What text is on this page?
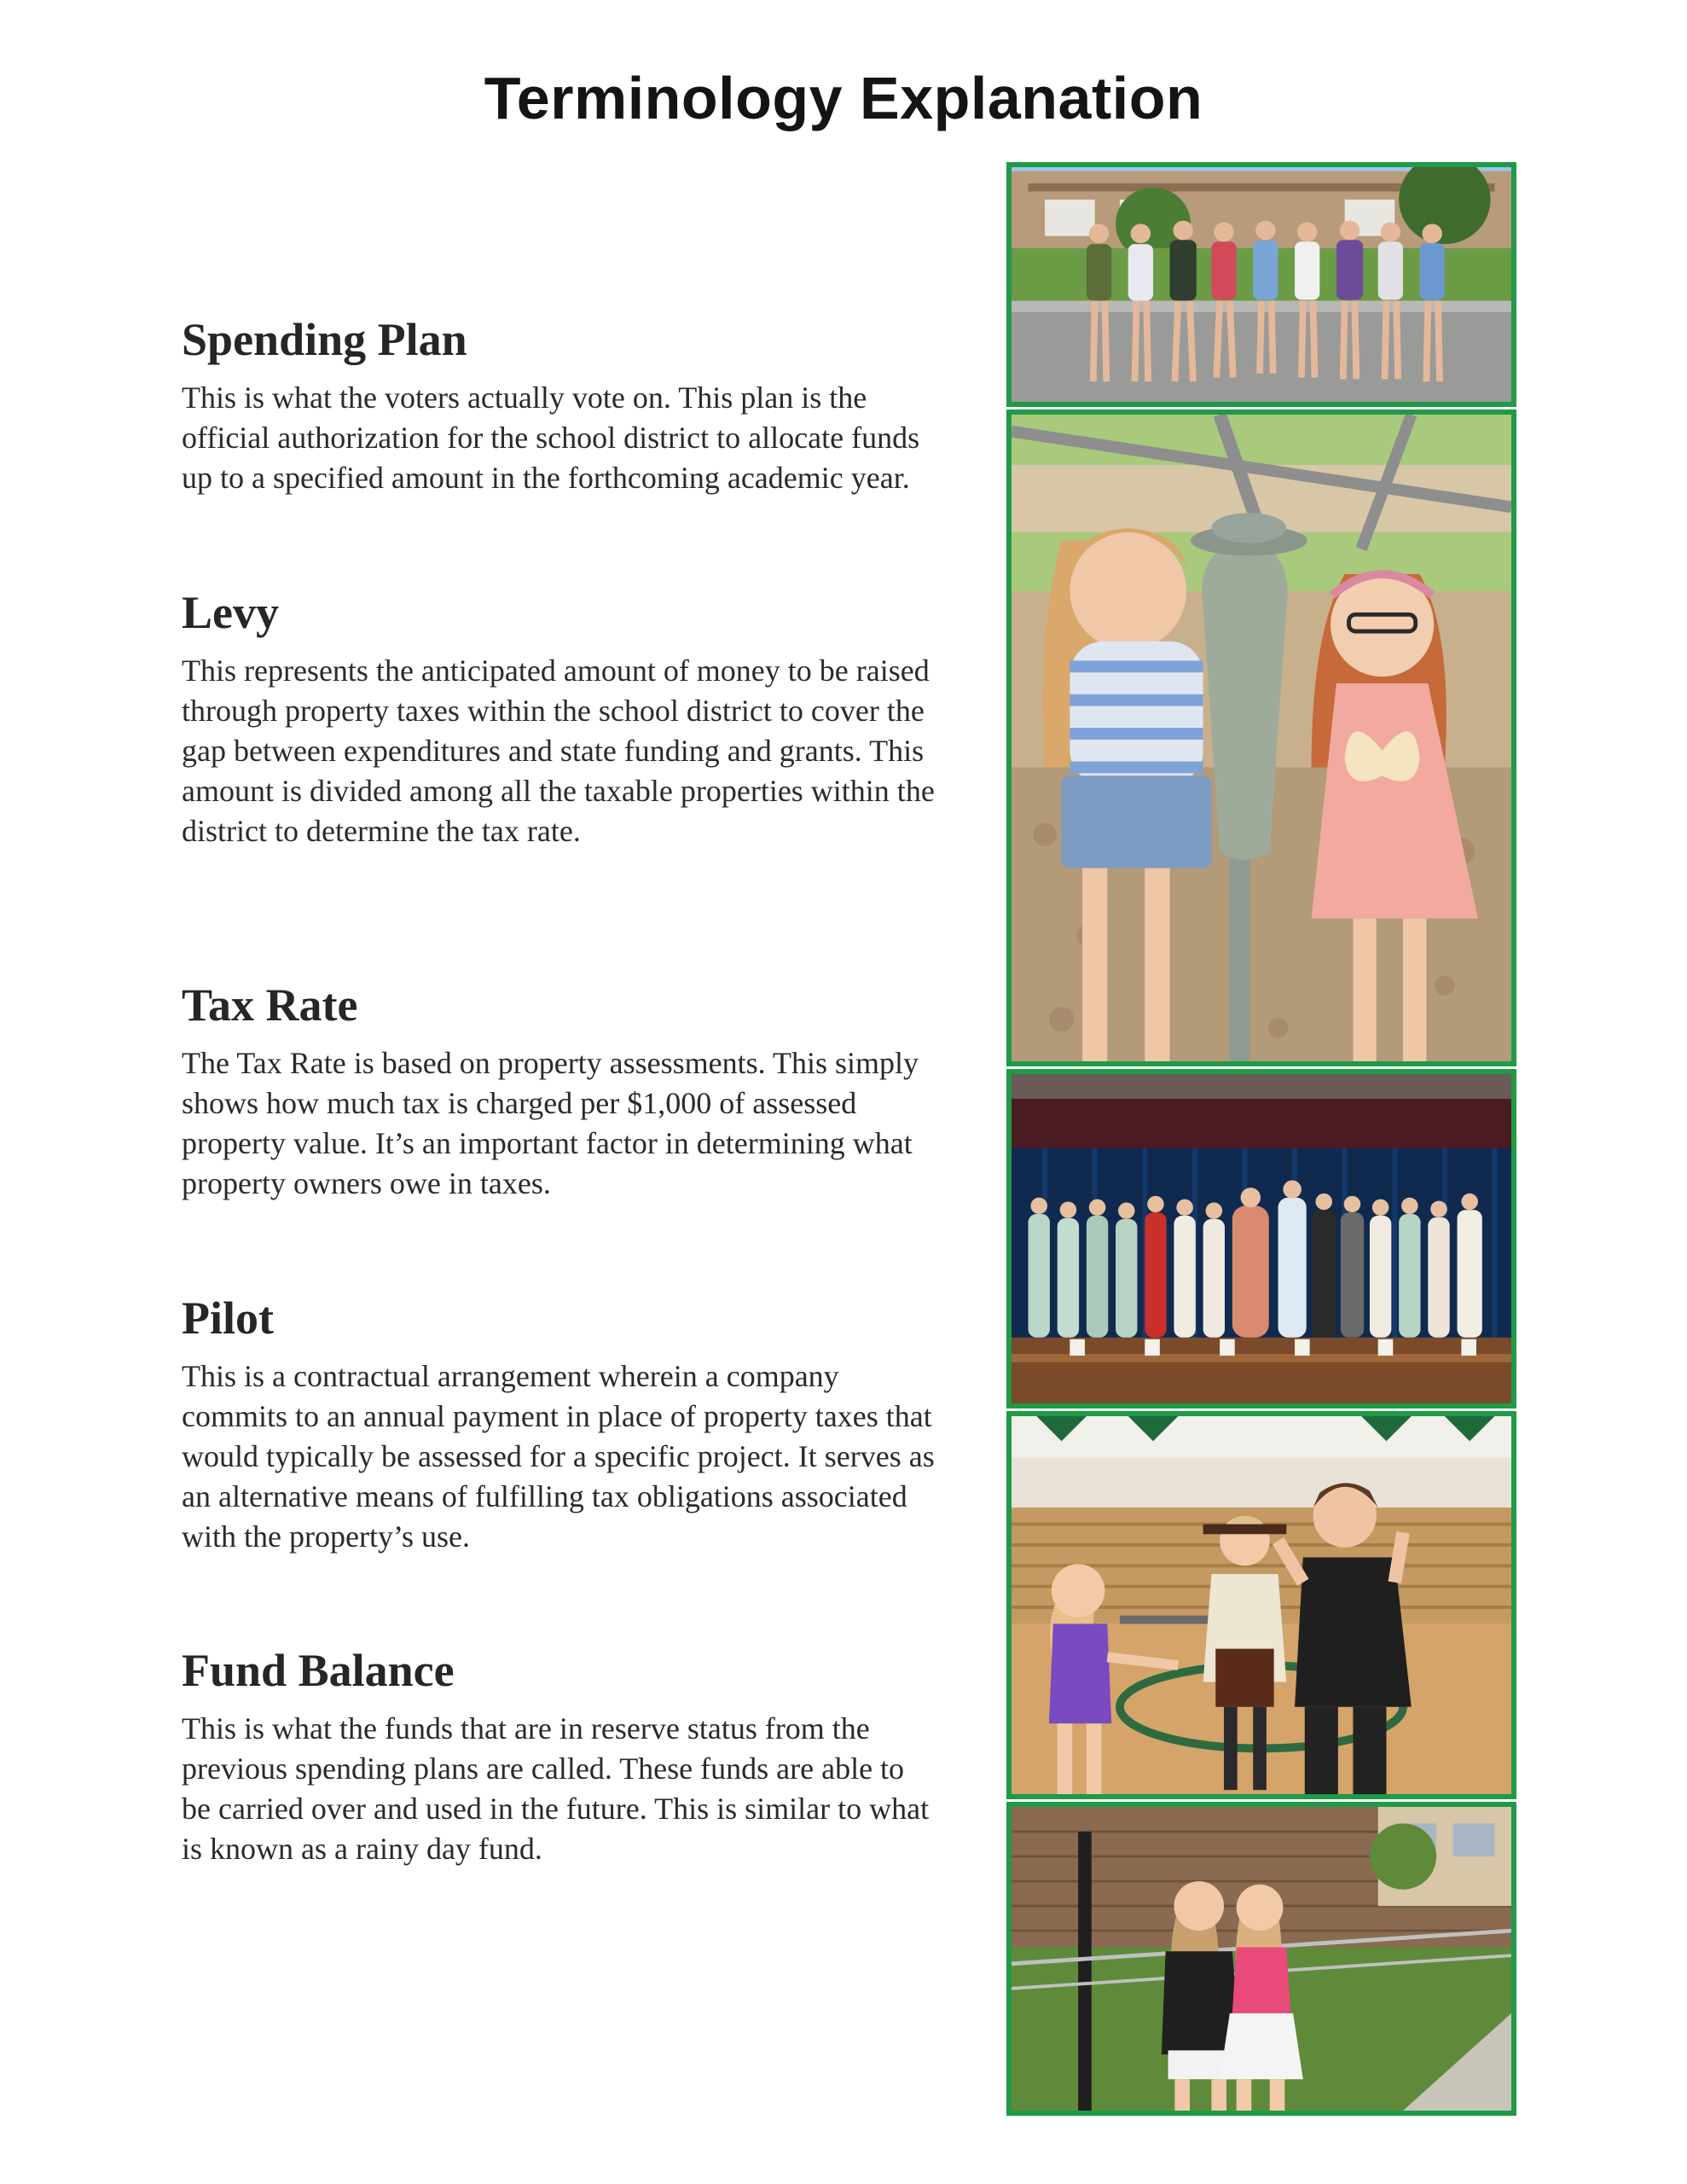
Terminology Explanation
Spending Plan

This is what the voters actually vote on. This plan is the official authorization for the school district to allocate funds up to a specified amount in the forthcoming academic year.

Levy

This represents the anticipated amount of money to be raised through property taxes within the school district to cover the gap between expenditures and state funding and grants. This amount is divided among all the taxable properties within the district to determine the tax rate.

Tax Rate

The Tax Rate is based on property assessments. This simply shows how much tax is charged per $1,000 of assessed property value. It’s an important factor in determining what property owners owe in taxes.

Pilot

This is a contractual arrangement wherein a company commits to an annual payment in place of property taxes that would typically be assessed for a specific project. It serves as an alternative means of fulfilling tax obligations associated with the property’s use.

Fund Balance

This is what the funds that are in reserve status from the previous spending plans are called. These funds are able to be carried over and used in the future. This is similar to what is known as a rainy day fund.
